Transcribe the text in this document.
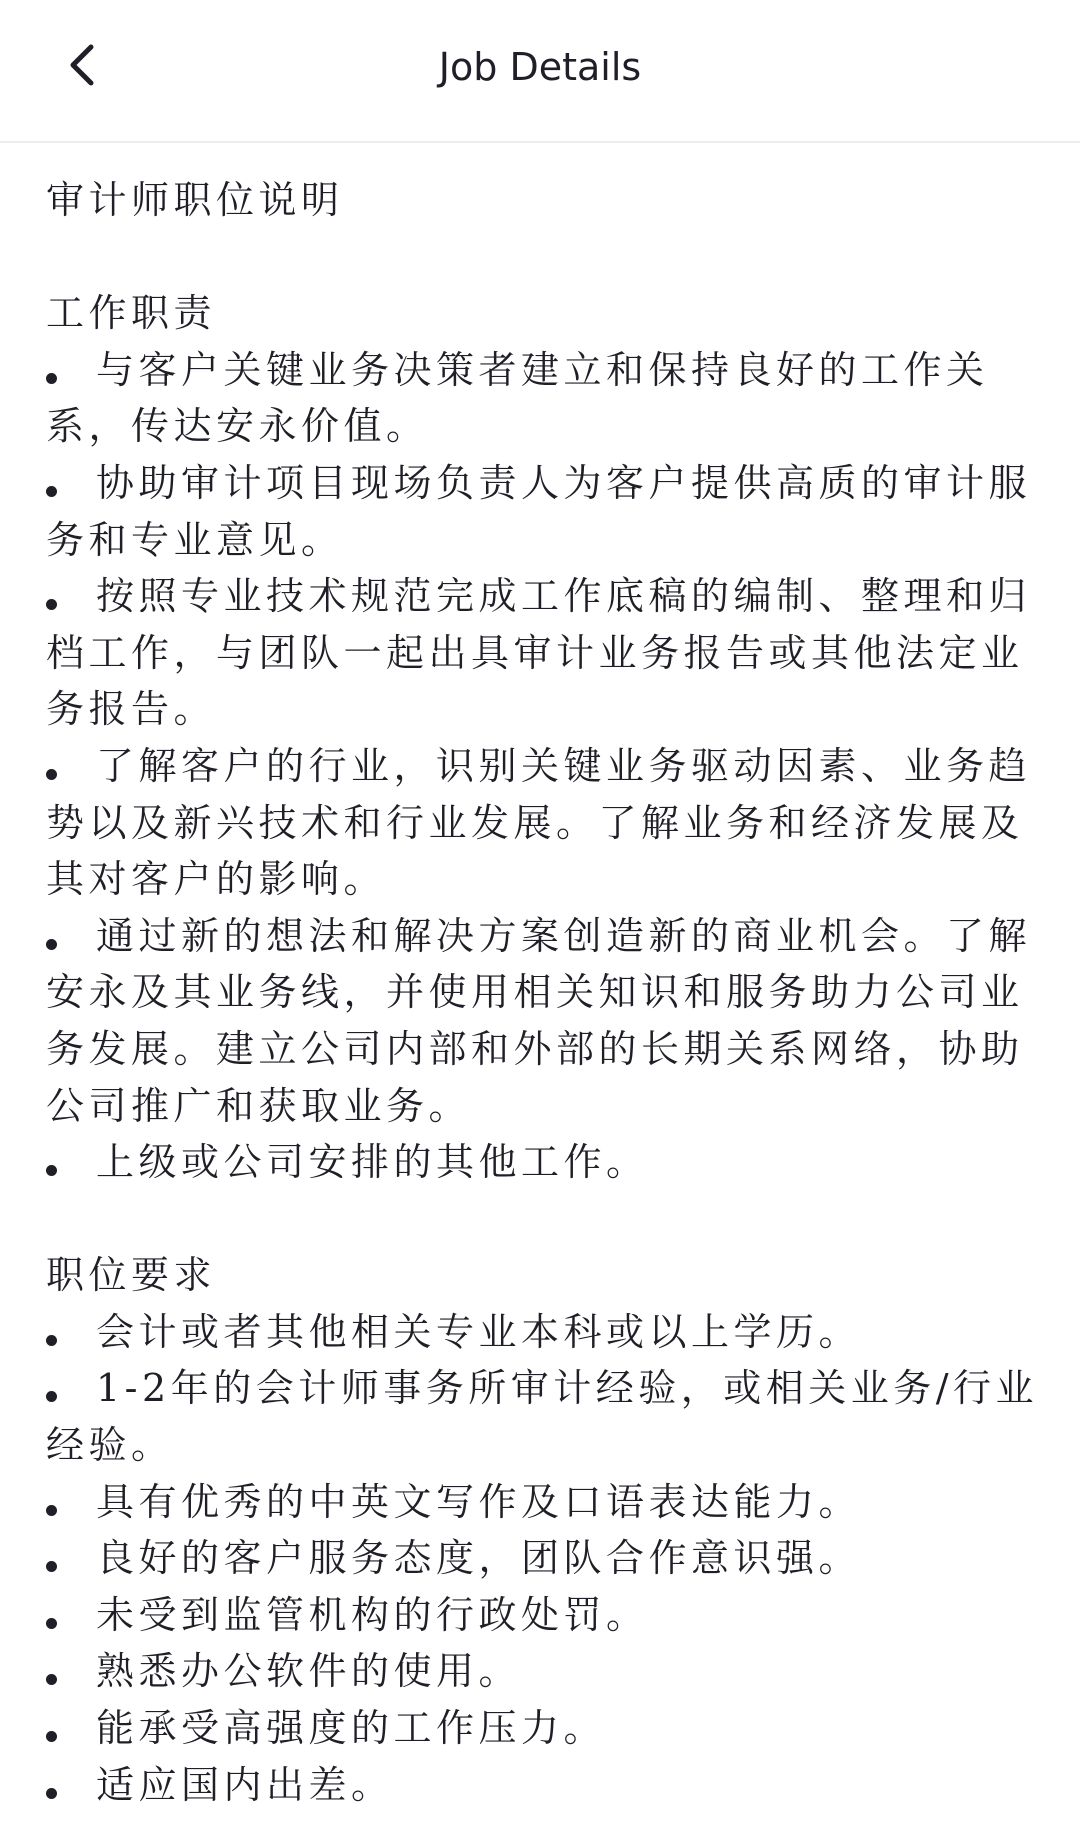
Job Details

审计师职位说明

工作职责

与客户关键业务决策者建立和保持良好的工作关系，传达安永价值。

协助审计项目现场负责人为客户提供高质的审计服务和专业意见。

按照专业技术规范完成工作底稿的编制、整理和归档工作，与团队一起出具审计业务报告或其他法定业务报告。

了解客户的行业，识别关键业务驱动因素、业务趋势以及新兴技术和行业发展。了解业务和经济发展及其对客户的影响。

通过新的想法和解决方案创造新的商业机会。了解安永及其业务线，并使用相关知识和服务助力公司业务发展。建立公司内部和外部的长期关系网络，协助公司推广和获取业务。

上级或公司安排的其他工作。

职位要求

会计或者其他相关专业本科或以上学历。

1-2年的会计师事务所审计经验，或相关业务/行业经验。

具有优秀的中英文写作及口语表达能力。

良好的客户服务态度，团队合作意识强。

未受到监管机构的行政处罚。

熟悉办公软件的使用。

能承受高强度的工作压力。

适应国内出差。
